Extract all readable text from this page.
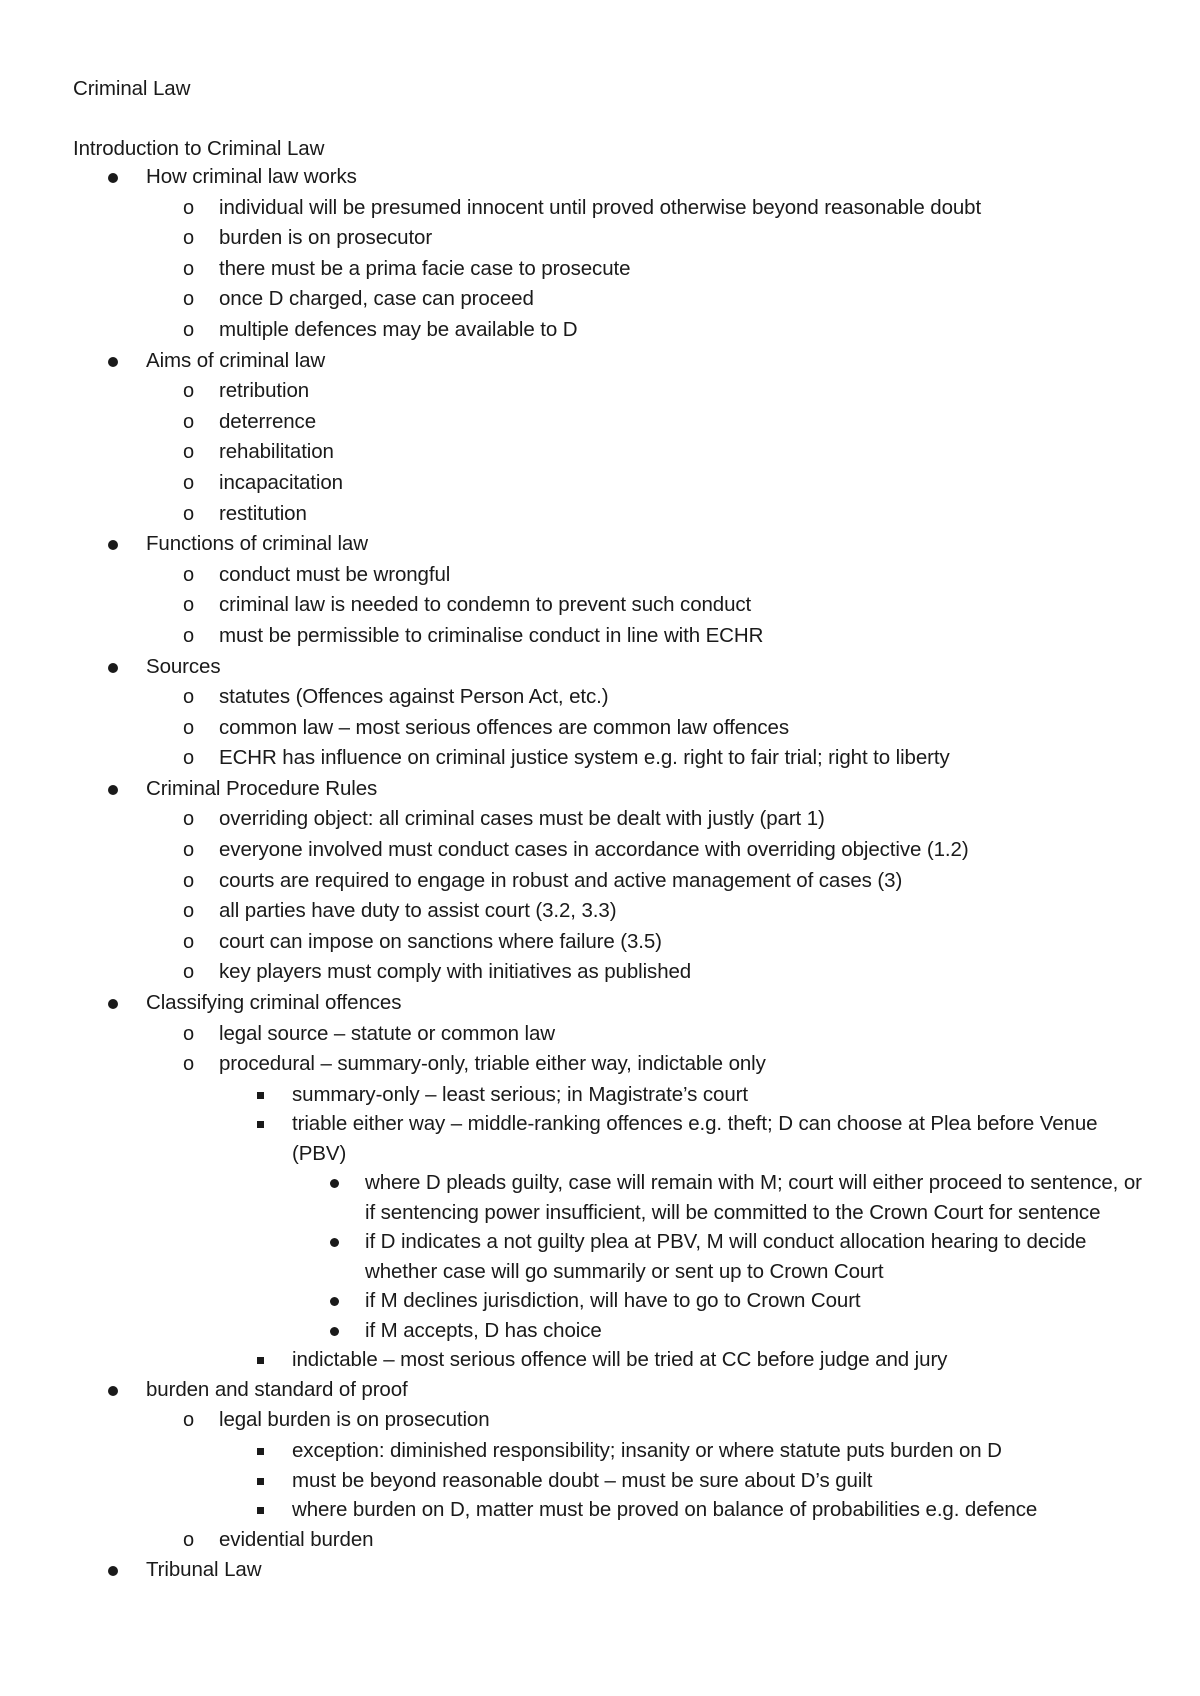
Criminal Law
Introduction to Criminal Law
How criminal law works
o individual will be presumed innocent until proved otherwise beyond reasonable doubt
o burden is on prosecutor
o there must be a prima facie case to prosecute
o once D charged, case can proceed
o multiple defences may be available to D
Aims of criminal law
o retribution
o deterrence
o rehabilitation
o incapacitation
o restitution
Functions of criminal law
o conduct must be wrongful
o criminal law is needed to condemn to prevent such conduct
o must be permissible to criminalise conduct in line with ECHR
Sources
o statutes (Offences against Person Act, etc.)
o common law – most serious offences are common law offences
o ECHR has influence on criminal justice system e.g. right to fair trial; right to liberty
Criminal Procedure Rules
o overriding object: all criminal cases must be dealt with justly (part 1)
o everyone involved must conduct cases in accordance with overriding objective (1.2)
o courts are required to engage in robust and active management of cases (3)
o all parties have duty to assist court (3.2, 3.3)
o court can impose on sanctions where failure (3.5)
o key players must comply with initiatives as published
Classifying criminal offences
o legal source – statute or common law
o procedural – summary-only, triable either way, indictable only
summary-only – least serious; in Magistrate’s court
triable either way – middle-ranking offences e.g. theft; D can choose at Plea before Venue (PBV)
where D pleads guilty, case will remain with M; court will either proceed to sentence, or if sentencing power insufficient, will be committed to the Crown Court for sentence
if D indicates a not guilty plea at PBV, M will conduct allocation hearing to decide whether case will go summarily or sent up to Crown Court
if M declines jurisdiction, will have to go to Crown Court
if M accepts, D has choice
indictable – most serious offence will be tried at CC before judge and jury
burden and standard of proof
o legal burden is on prosecution
exception: diminished responsibility; insanity or where statute puts burden on D
must be beyond reasonable doubt – must be sure about D’s guilt
where burden on D, matter must be proved on balance of probabilities e.g. defence
o evidential burden
Tribunal Law
